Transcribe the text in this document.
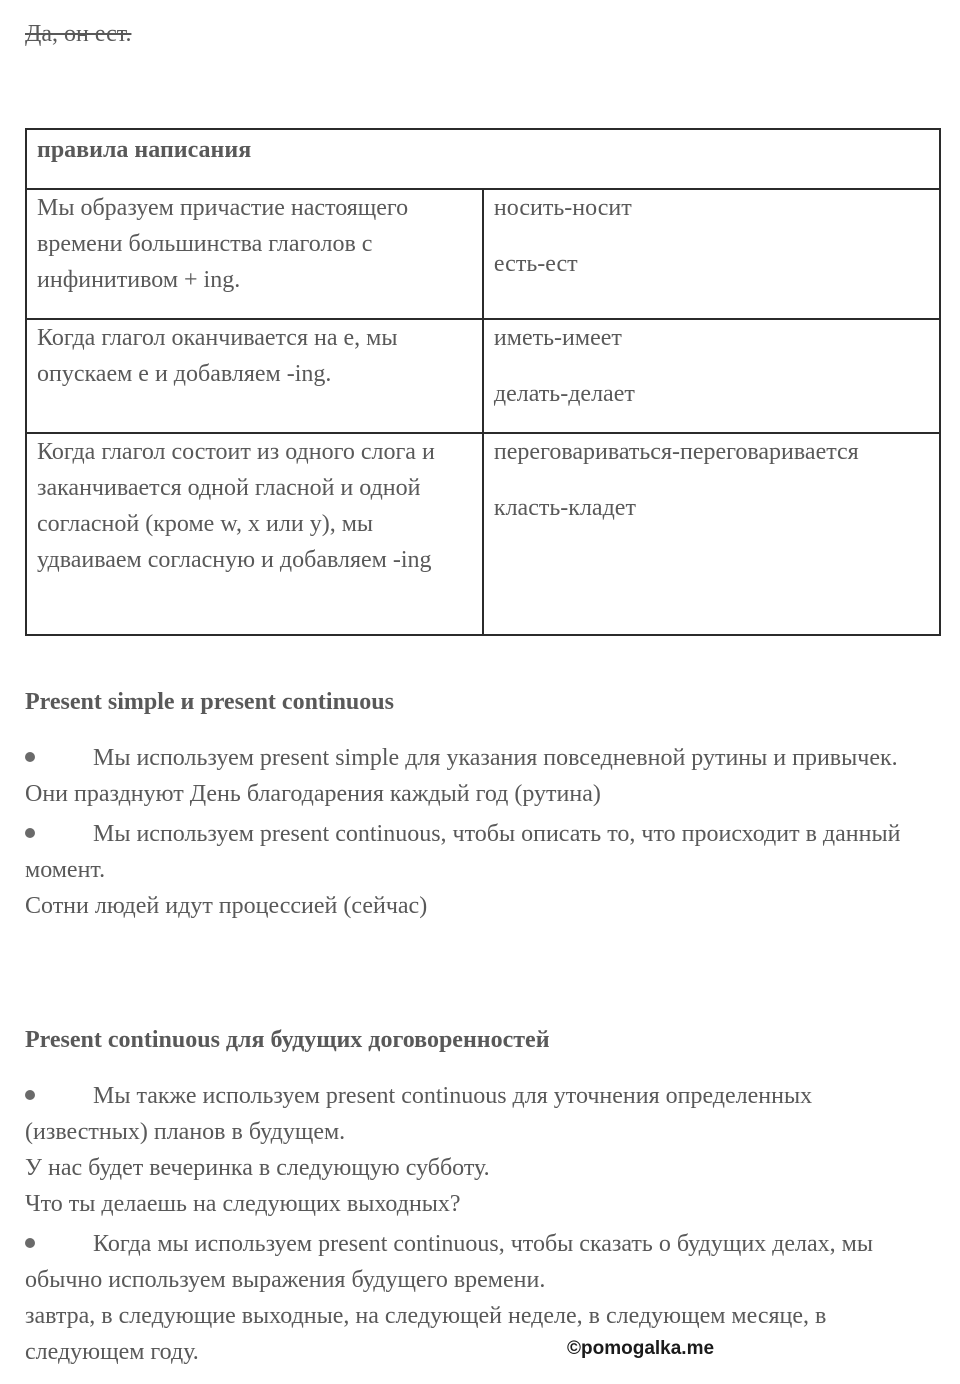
Да, он ест.
правила написания	
Мы образуем причастие настоящего времени большинства глаголов с инфинитивом + ing.	носить-носит
есть-ест

Когда глагол оканчивается на е, мы опускаем е и добавляем -ing.	иметь-имеет
делать-делает

Когда глагол состоит из одного слога и заканчивается одной гласной и одной согласной (кроме w, x или y), мы удваиваем согласную и добавляем -ing	переговариваться-переговаривается
класть-кладет
Present simple и present continuous

Мы используем present simple для указания повседневной рутины и привычек.

Они празднуют День благодарения каждый год (рутина)

Мы используем present continuous, чтобы описать то, что происходит в данный момент.

Сотни людей идут процессией (сейчас)

Present continuous для будущих договоренностей

Мы также используем present continuous для уточнения определенных (известных) планов в будущем.

У нас будет вечеринка в следующую субботу.

Что ты делаешь на следующих выходных?

Когда мы используем present continuous, чтобы сказать о будущих делах, мы обычно используем выражения будущего времени.

завтра, в следующие выходные, на следующей неделе, в следующем месяце, в следующем году.	©pomogalka.me
